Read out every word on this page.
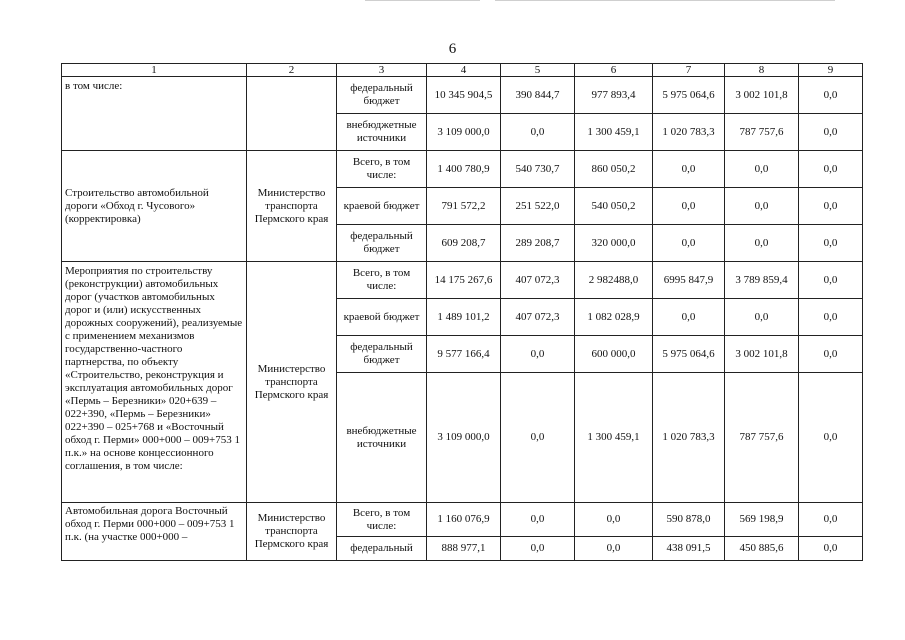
6
1	2	3	4	5	6	7	8	9
в том числе:		федеральный бюджет	10 345 904,5	390 844,7	977 893,4	5 975 064,6	3 002 101,8	0,0
		внебюджетные источники	3 109 000,0	0,0	1 300 459,1	1 020 783,3	787 757,6	0,0
Строительство автомобильной дороги «Обход г. Чусового» (корректировка)	Министерство транспорта Пермского края	Всего, в том числе:	1 400 780,9	540 730,7	860 050,2	0,0	0,0	0,0
		краевой бюджет	791 572,2	251 522,0	540 050,2	0,0	0,0	0,0
		федеральный бюджет	609 208,7	289 208,7	320 000,0	0,0	0,0	0,0
Мероприятия по строительству (реконструкции) автомобильных дорог (участков автомобильных дорог и (или) искусственных дорожных сооружений), реализуемые с применением механизмов государственно-частного партнерства, по объекту «Строительство, реконструкция и эксплуатация автомобильных дорог «Пермь – Березники» 020+639 – 022+390, «Пермь – Березники» 022+390 – 025+768 и «Восточный обход г. Перми» 000+000 – 009+753 1 п.к.» на основе концессионного соглашения, в том числе:	Министерство транспорта Пермского края	Всего, в том числе:	14 175 267,6	407 072,3	2 982488,0	6995 847,9	3 789 859,4	0,0
		краевой бюджет	1 489 101,2	407 072,3	1 082 028,9	0,0	0,0	0,0
		федеральный бюджет	9 577 166,4	0,0	600 000,0	5 975 064,6	3 002 101,8	0,0
		внебюджетные источники	3 109 000,0	0,0	1 300 459,1	1 020 783,3	787 757,6	0,0
Автомобильная дорога Восточный обход г. Перми 000+000 – 009+753 1 п.к. (на участке 000+000 –	Министерство транспорта Пермского края	Всего, в том числе:	1 160 076,9	0,0	0,0	590 878,0	569 198,9	0,0
		федеральный	888 977,1	0,0	0,0	438 091,5	450 885,6	0,0
